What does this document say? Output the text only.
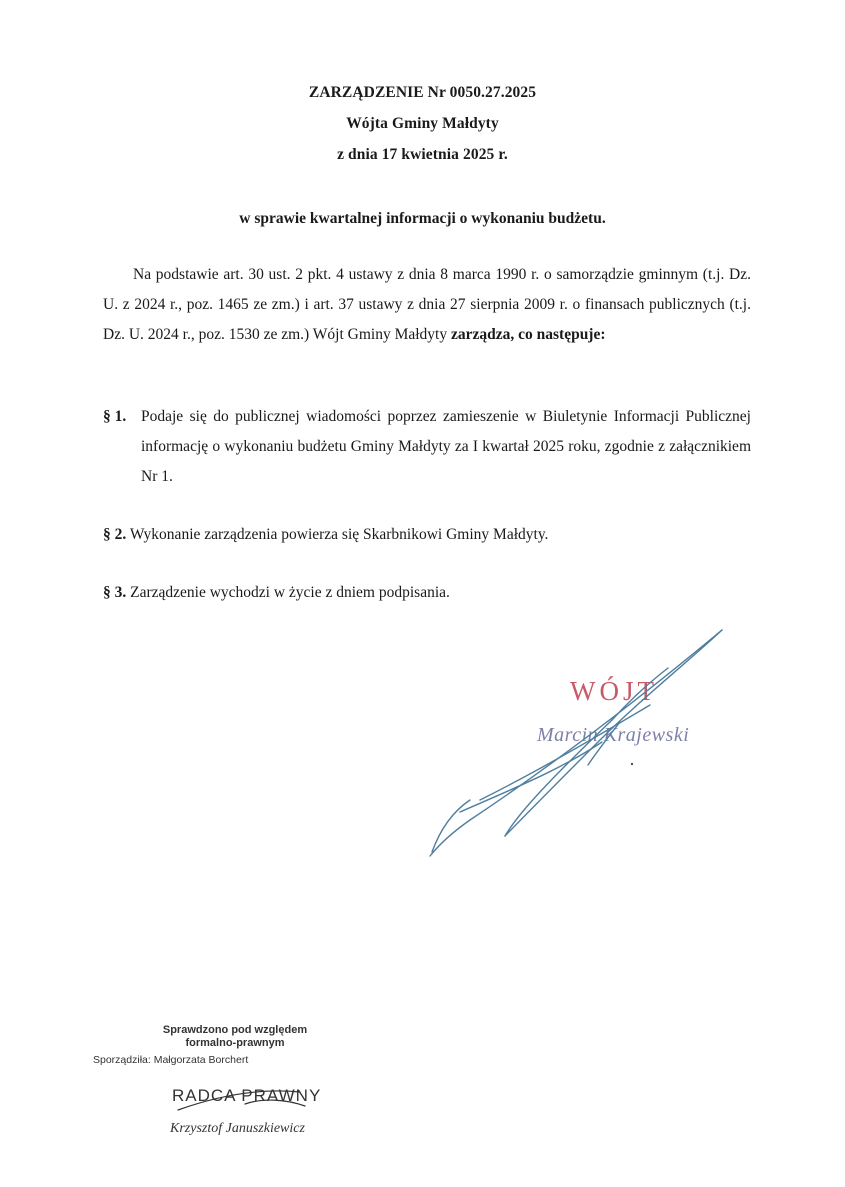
ZARZĄDZENIE Nr 0050.27.2025
Wójta Gminy Małdyty
z dnia 17 kwietnia 2025 r.
w sprawie kwartalnej informacji o wykonaniu budżetu.
Na podstawie art. 30 ust. 2 pkt. 4 ustawy z dnia 8 marca 1990 r. o samorządzie gminnym (t.j. Dz. U. z 2024 r., poz. 1465 ze zm.) i art. 37 ustawy z dnia 27 sierpnia 2009 r. o finansach publicznych (t.j. Dz. U. 2024 r., poz. 1530 ze zm.) Wójt Gminy Małdyty zarządza, co następuje:
§ 1. Podaje się do publicznej wiadomości poprzez zamieszenie w Biuletynie Informacji Publicznej informację o wykonaniu budżetu Gminy Małdyty za I kwartał 2025 roku, zgodnie z załącznikiem Nr 1.
§ 2. Wykonanie zarządzenia powierza się Skarbnikowi Gminy Małdyty.
§ 3. Zarządzenie wychodzi w życie z dniem podpisania.
WÓJT
Marcin Krajewski
Sprawdzono pod względem
formalno-prawnym
Sporządziła: Małgorzata Borchert
RADCA PRAWNY
Krzysztof Januszkiewicz
